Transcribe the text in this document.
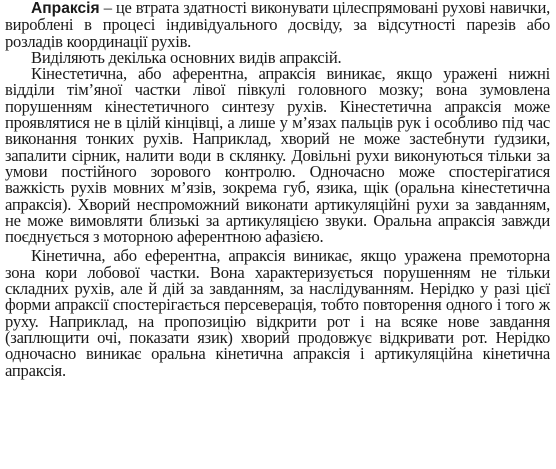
Апраксія – це втрата здатності виконувати цілеспрямовані рухові навички, вироблені в процесі індивідуального досвіду, за відсутності парезів або розладів координації рухів.

Виділяють декілька основних видів апраксій.

Кінестетична, або аферентна, апраксія виникає, якщо уражені нижні відділи тім’яної частки лівої півкулі головного мозку; вона зумовлена порушенням кінестетичного синтезу рухів. Кінестетична апраксія може проявлятися не в цілій кінцівці, а лише у м’язах пальців рук і особливо під час виконання тонких рухів. Наприклад, хворий не може застебнути ґудзики, запалити сірник, налити води в склянку. Довільні рухи виконуються тільки за умови постійного зорового контролю. Одночасно може спостерігатися важкість рухів мовних м’язів, зокрема губ, язика, щік (оральна кінестетична апраксія). Хворий неспроможний виконати артикуляційні рухи за завданням, не може вимовляти близькі за артикуляцією звуки. Оральна апраксія завжди поєднується з моторною аферентною афазією.

Кінетична, або еферентна, апраксія виникає, якщо уражена премоторна зона кори лобової частки. Вона характеризується порушенням не тільки складних рухів, але й дій за завданням, за наслідуванням. Нерідко у разі цієї форми апраксії спостерігається персеверація, тобто повторення одного і того ж руху. Наприклад, на пропозицію відкрити рот і на всяке нове завдання (заплющити очі, показати язик) хворий продовжує відкривати рот. Нерідко одночасно виникає оральна кінетична апраксія і артикуляційна кінетична апраксія.
